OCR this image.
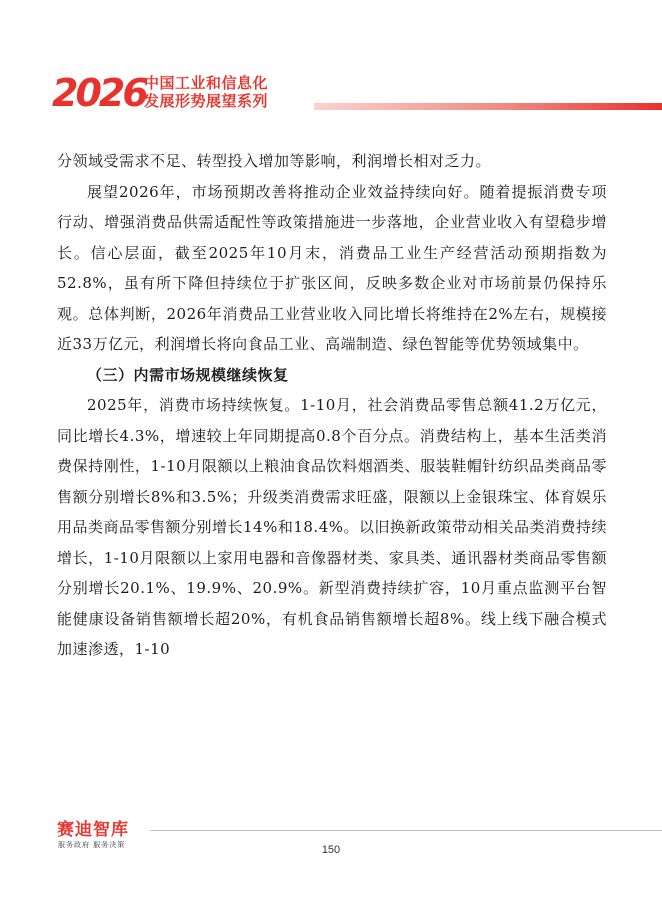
2026
中国工业和信息化
发展形势展望系列

分领域受需求不足、转型投入增加等影响，利润增长相对乏力。

展望2026年，市场预期改善将推动企业效益持续向好。随着提振消费专项行动、增强消费品供需适配性等政策措施进一步落地，企业营业收入有望稳步增长。信心层面，截至2025年10月末，消费品工业生产经营活动预期指数为52.8%，虽有所下降但持续位于扩张区间，反映多数企业对市场前景仍保持乐观。总体判断，2026年消费品工业营业收入同比增长将维持在2%左右，规模接近33万亿元，利润增长将向食品工业、高端制造、绿色智能等优势领域集中。

（三）内需市场规模继续恢复

2025年，消费市场持续恢复。1-10月，社会消费品零售总额41.2万亿元，同比增长4.3%，增速较上年同期提高0.8个百分点。消费结构上，基本生活类消费保持刚性，1-10月限额以上粮油食品饮料烟酒类、服装鞋帽针纺织品类商品零售额分别增长8%和3.5%；升级类消费需求旺盛，限额以上金银珠宝、体育娱乐用品类商品零售额分别增长14%和18.4%。以旧换新政策带动相关品类消费持续增长，1-10月限额以上家用电器和音像器材类、家具类、通讯器材类商品零售额分别增长20.1%、19.9%、20.9%。新型消费持续扩容，10月重点监测平台智能健康设备销售额增长超20%，有机食品销售额增长超8%。线上线下融合模式加速渗透，1-10

赛迪智库
服务政府 服务决策	150
